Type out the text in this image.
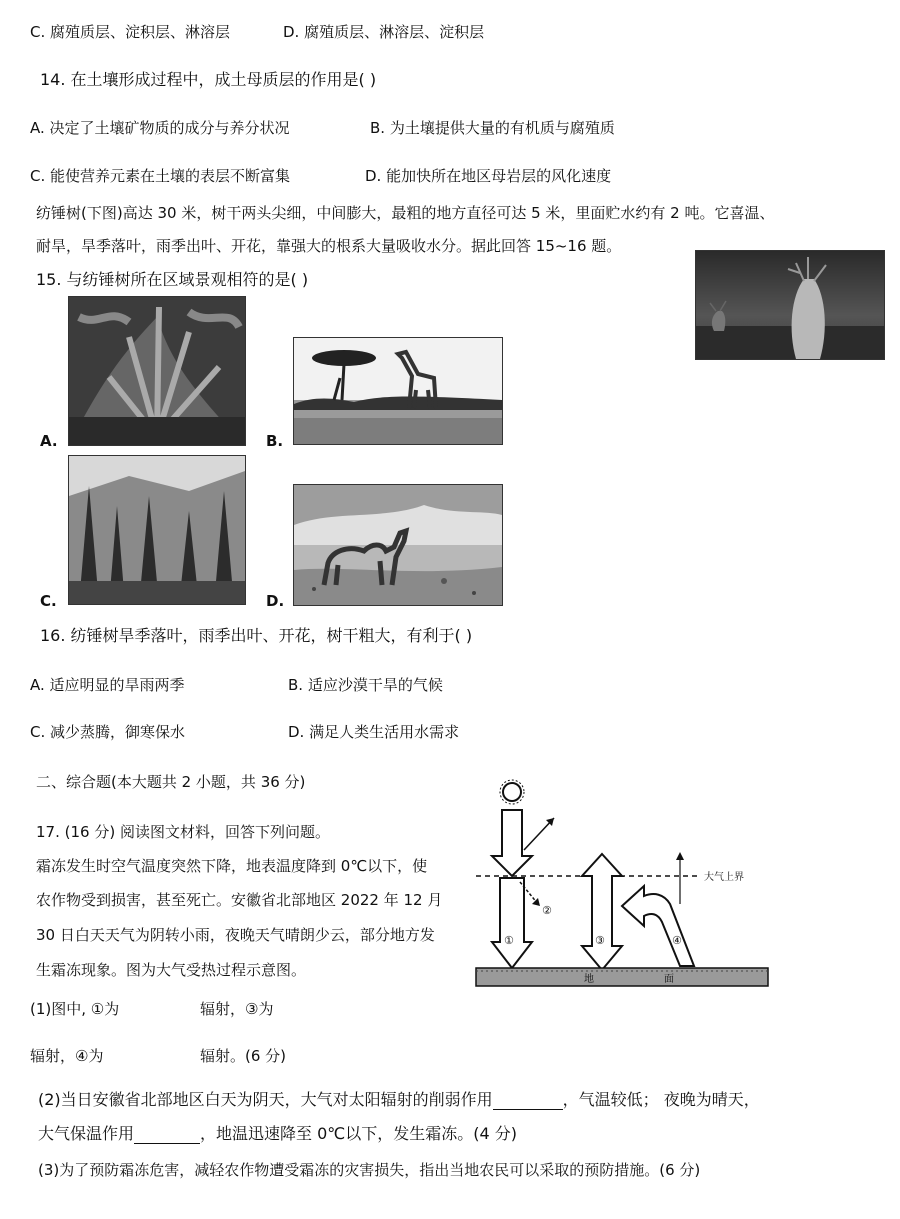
C. 腐殖质层、淀积层、淋溶层	D. 腐殖质层、淋溶层、淀积层
14. 在土壤形成过程中，成土母质层的作用是( )
A. 决定了土壤矿物质的成分与养分状况	B. 为土壤提供大量的有机质与腐殖质
C. 能使营养元素在土壤的表层不断富集	D. 能加快所在地区母岩层的风化速度
纺锤树(下图)高达 30 米，树干两头尖细，中间膨大，最粗的地方直径可达 5 米，里面贮水约有 2 吨。它喜温、
耐旱，旱季落叶，雨季出叶、开花，靠强大的根系大量吸收水分。据此回答 15~16 题。
15. 与纺锤树所在区域景观相符的是( )
A.	B.
C.	D.
16. 纺锤树旱季落叶，雨季出叶、开花，树干粗大，有利于( )
A. 适应明显的旱雨两季	B. 适应沙漠干旱的气候
C. 减少蒸腾，御寒保水	D. 满足人类生活用水需求
二、综合题(本大题共 2 小题，共 36 分)
17. (16 分) 阅读图文材料，回答下列问题。
霜冻发生时空气温度突然下降，地表温度降到 0℃以下，使
农作物受到损害，甚至死亡。安徽省北部地区 2022 年 12 月
30 日白天天气为阴转小雨，夜晚天气晴朗少云，部分地方发
生霜冻现象。图为大气受热过程示意图。
大气上界
①
②
③	④
地	面
(1)图中, ①为	辐射，③为
辐射，④为	辐射。(6 分)
(2)当日安徽省北部地区白天为阴天，大气对太阳辐射的削弱作用	，气温较低； 夜晚为晴天，
大气保温作用	，地温迅速降至 0℃以下，发生霜冻。(4 分)
(3)为了预防霜冻危害，减轻农作物遭受霜冻的灾害损失，指出当地农民可以采取的预防措施。(6 分)
